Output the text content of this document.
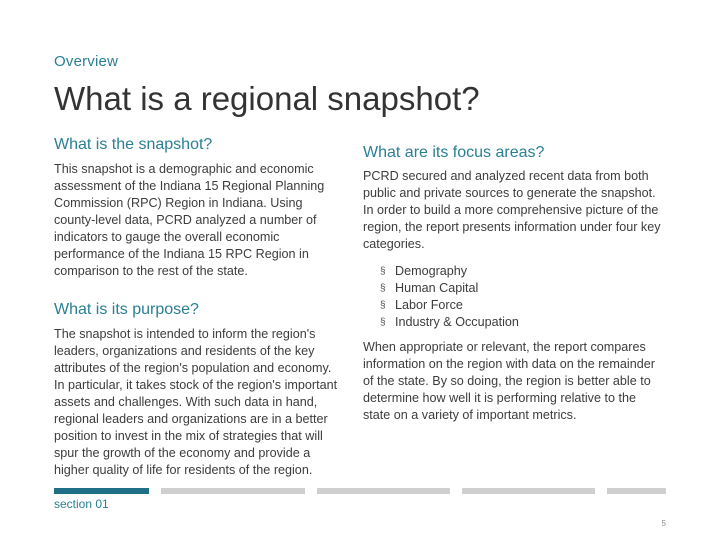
Overview
What is a regional snapshot?
What is the snapshot?

This snapshot is a demographic and economic assessment of the Indiana 15 Regional Planning Commission (RPC) Region in Indiana. Using county-level data, PCRD analyzed a number of indicators to gauge the overall economic performance of the Indiana 15 RPC Region in comparison to the rest of the state.

What is its purpose?

The snapshot is intended to inform the region's leaders, organizations and residents of the key attributes of the region's population and economy. In particular, it takes stock of the region's important assets and challenges. With such data in hand, regional leaders and organizations are in a better position to invest in the mix of strategies that will spur the growth of the economy and provide a higher quality of life for residents of the region.

What are its focus areas?

PCRD secured and analyzed recent data from both public and private sources to generate the snapshot. In order to build a more comprehensive picture of the region, the report presents information under four key categories.

§ Demography
§ Human Capital
§ Labor Force
§ Industry & Occupation

When appropriate or relevant, the report compares information on the region with data on the remainder of the state. By so doing, the region is better able to determine how well it is performing relative to the state on a variety of important metrics.

section 01
5
